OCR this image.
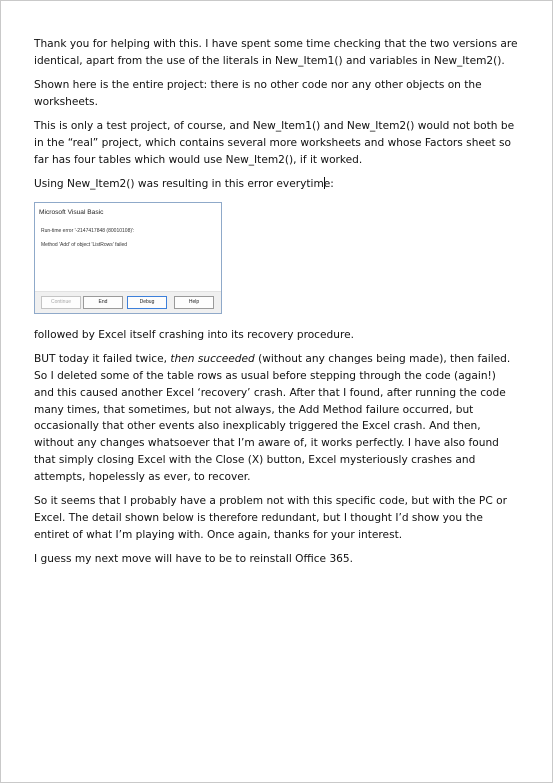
Thank you for helping with this. I have spent some time checking that the two versions are identical, apart from the use of the literals in New_Item1() and variables in New_Item2().

Shown here is the entire project: there is no other code nor any other objects on the worksheets.

This is only a test project, of course, and New_Item1() and New_Item2() would not both be in the “real” project, which contains several more worksheets and whose Factors sheet so far has four tables which would use New_Item2(), if it worked.

Using New_Item2() was resulting in this error everytime:

Microsoft Visual Basic
Run-time error '-2147417848 (80010108)':
Method 'Add' of object 'ListRows' failed
Continue	End	Debug	Help

followed by Excel itself crashing into its recovery procedure.

BUT today it failed twice, then succeeded (without any changes being made), then failed. So I deleted some of the table rows as usual before stepping through the code (again!) and this caused another Excel ‘recovery’ crash. After that I found, after running the code many times, that sometimes, but not always, the Add Method failure occurred, but occasionally that other events also inexplicably triggered the Excel crash. And then, without any changes whatsoever that I’m aware of, it works perfectly. I have also found that simply closing Excel with the Close (X) button, Excel mysteriously crashes and attempts, hopelessly as ever, to recover.

So it seems that I probably have a problem not with this specific code, but with the PC or Excel. The detail shown below is therefore redundant, but I thought I’d show you the entiret of what I’m playing with. Once again, thanks for your interest.

I guess my next move will have to be to reinstall Office 365.
